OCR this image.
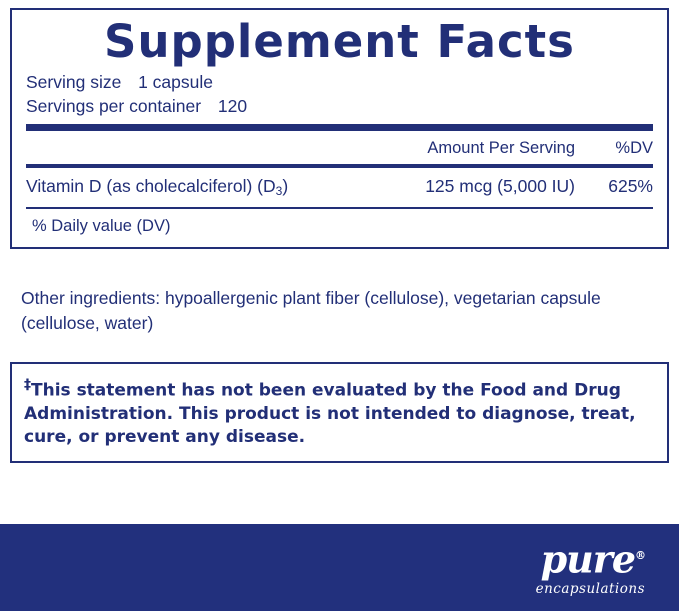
Supplement Facts
Serving size 1 capsule
Servings per container 120
Amount Per Serving	%DV
Vitamin D (as cholecalciferol) $(D_3)$	125 mcg (5,000 IU)	625%
% Daily value (DV)
Other ingredients: hypoallergenic plant fiber (cellulose), vegetarian capsule (cellulose, water)

‡This statement has not been evaluated by the Food and Drug Administration. This product is not intended to diagnose, treat, cure, or prevent any disease.

pure®
encapsulations
